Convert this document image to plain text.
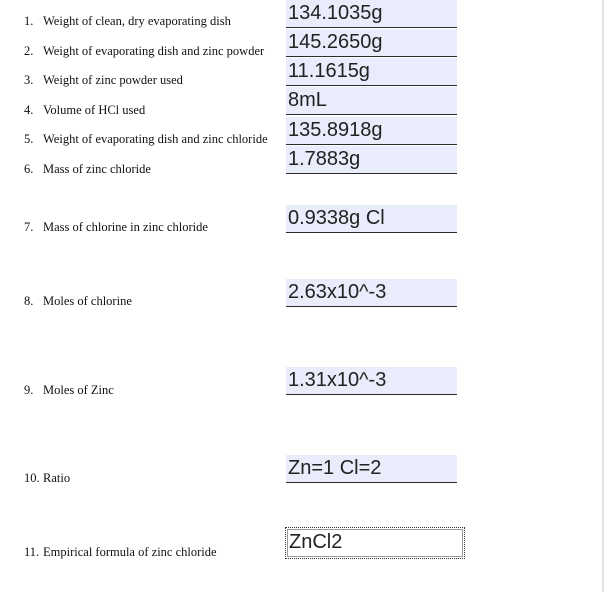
1. Weight of clean, dry evaporating dish	134.1035g
2. Weight of evaporating dish and zinc powder 145.2650g
3. Weight of zinc powder used	11.1615g
4. Volume of HCl used	8mL
5. Weight of evaporating dish and zinc chloride 135.8918g
6. Mass of zinc chloride	1.7883g
7. Mass of chlorine in zinc chloride	0.9338g Cl
8. Moles of chlorine	2.63x10^-3
9. Moles of Zinc	1.31x10^-3
10. Ratio	Zn=1 Cl=2
11. Empirical formula of zinc chloride	ZnCl2
